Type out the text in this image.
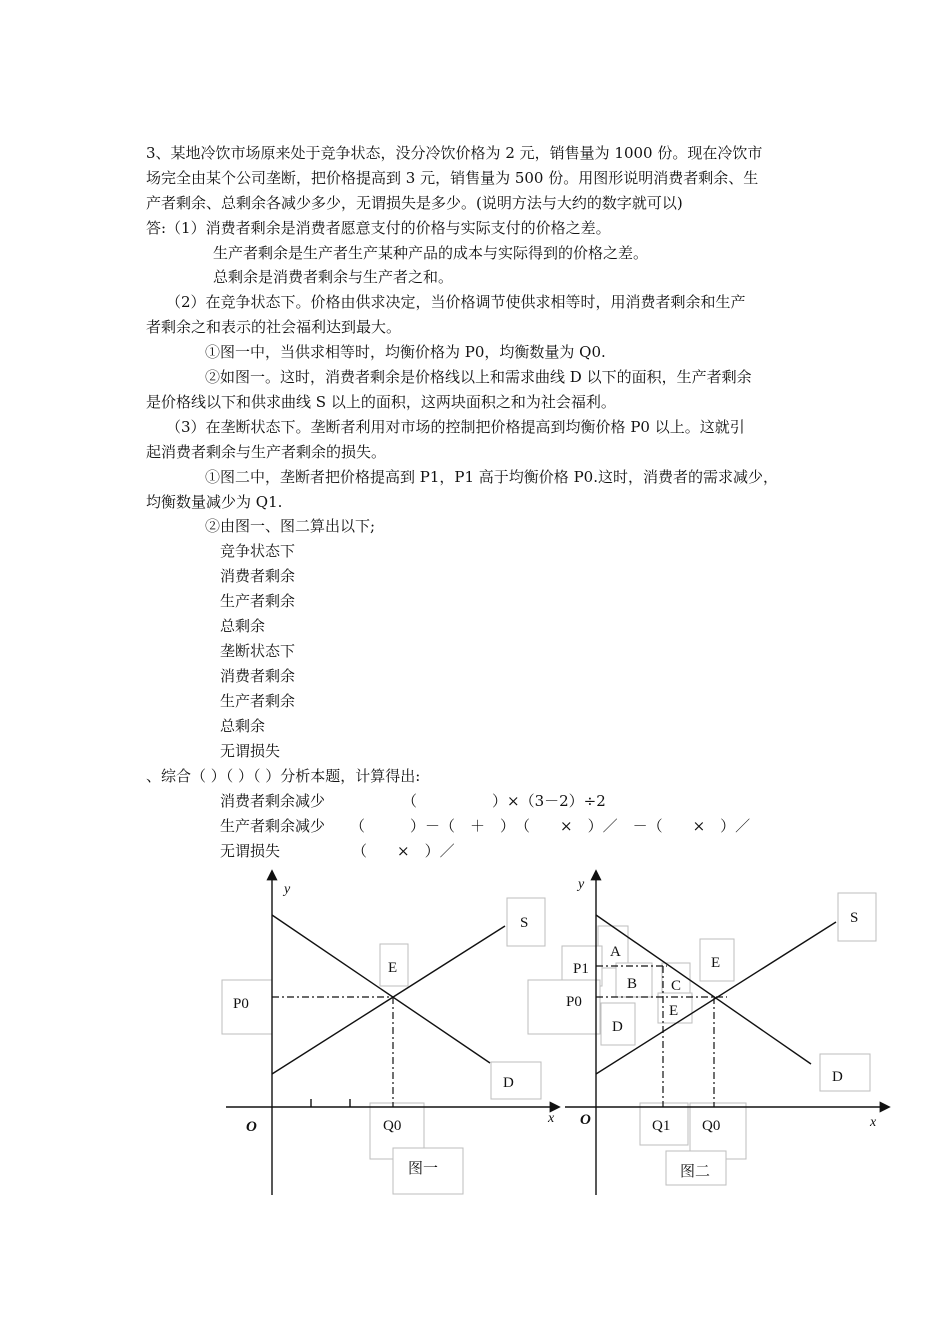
3、某地冷饮市场原来处于竞争状态，没分冷饮价格为 2 元，销售量为 1000 份。现在冷饮市
场完全由某个公司垄断，把价格提高到 3 元，销售量为 500 份。用图形说明消费者剩余、生
产者剩余、总剩余各减少多少，无谓损失是多少。(说明方法与大约的数字就可以)
答:（1）消费者剩余是消费者愿意支付的价格与实际支付的价格之差。
生产者剩余是生产者生产某种产品的成本与实际得到的价格之差。
总剩余是消费者剩余与生产者之和。
（2）在竞争状态下。价格由供求决定，当价格调节使供求相等时，用消费者剩余和生产
者剩余之和表示的社会福利达到最大。
①图一中，当供求相等时，均衡价格为 P0，均衡数量为 Q0.
②如图一。这时，消费者剩余是价格线以上和需求曲线 D 以下的面积，生产者剩余
是价格线以下和供求曲线 S 以上的面积，这两块面积之和为社会福利。
（3）在垄断状态下。垄断者利用对市场的控制把价格提高到均衡价格 P0 以上。这就引
起消费者剩余与生产者剩余的损失。
①图二中，垄断者把价格提高到 P1，P1 高于均衡价格 P0.这时，消费者的需求减少，
均衡数量减少为 Q1.
②由图一、图二算出以下;
竞争状态下
消费者剩余
生产者剩余
总剩余
垄断状态下
消费者剩余
生产者剩余
总剩余
无谓损失
、综合（ ）（ ）（ ）分析本题，计算得出:
消费者剩余减少	（　　　　　）×（3－2）÷2
生产者剩余减少 （　　　）－（　＋　）　（　　×　）／　－（　　×　）／
无谓损失	（　　×　）／
y
x
O
S
D
E
P0
Q0
图一
y
x
O
S
D
E
P1
P0
A
B C
D
E
Q1 Q0
图二
